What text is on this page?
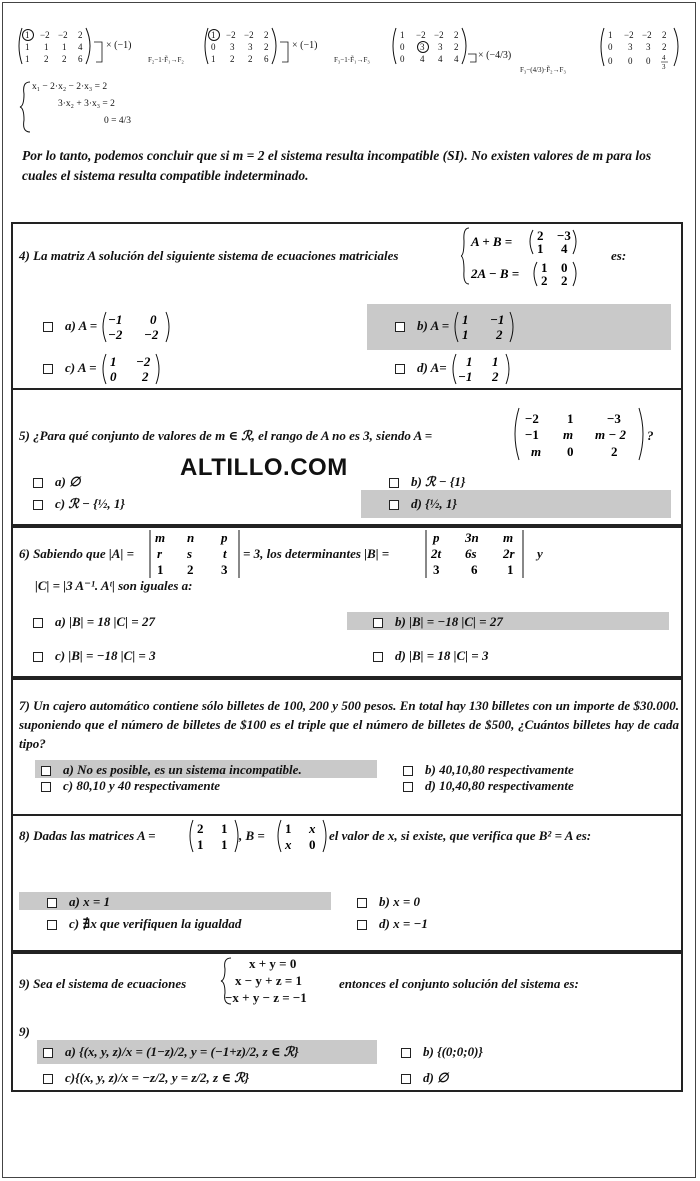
1 −2 −2 2
1 1 1 4
1 2 2 6
× (−1)
F₂−1·F̃₁→F₂
1 −2 −2 2
0 3 3 2
1 2 2 6
× (−1)
F₃−1·F̃₁→F₃
1 −2 −2 2
0 3 3 2
0 4 4 4 × (−4/3)
F₃−(4/3)·F̃₂→F₃
1 −2 −2 2
0 3 3 2
0 0 0 4
3
x₁ − 2·x₂ − 2·x₃ = 2
3·x₂ + 3·x₃ = 2
0 = 4/3
Por lo tanto, podemos concluir que si m = 2 el sistema resulta incompatible (SI). No existen valores de m para los cuales el sistema resulta compatible indeterminado.
4) La matriz A solución del siguiente sistema de ecuaciones matriciales
A + B = 2 −3
1 4
2A − B = 1 0
2 2
es:
a) A = −1 0
−2 −2
b) A = 1 −1
1 2
c) A = 1 −2
0 2
d) A= 1 1
−1 2
5) ¿Para qué conjunto de valores de m ∈ ℛ, el rango de A no es 3, siendo A =
−2 1	−3
−1 m m − 2
m 0	2
?
a) ∅	b) ℛ − {1}
c) ℛ − {½, 1}	d) {½, 1}
ALTILLO.COM
6) Sabiendo que |A| =
m n p
r s t
1 2 3
= 3, los determinantes |B| =
p 3n m
2t 6s 2r
3 6 1
y
|C| = |3 A⁻¹. Aᵗ| son iguales a:
a) |B| = 18 |C| = 27	b) |B| = −18 |C| = 27
c) |B| = −18 |C| = 3	d) |B| = 18 |C| = 3
7) Un cajero automático contiene sólo billetes de 100, 200 y 500 pesos. En total hay 130 billetes con un importe de $30.000. suponiendo que el número de billetes de $100 es el triple que el número de billetes de $500, ¿Cuántos billetes hay de cada tipo?
a) No es posible, es un sistema incompatible.	b) 40,10,80 respectivamente
c) 80,10 y 40 respectivamente	d) 10,40,80 respectivamente
8) Dadas las matrices A =	2 1
1 1
, B = 1 x
x 0
el valor de x, si existe, que verifica que B² = A es:
a) x = 1	b) x = 0
c) ∄x que verifiquen la igualdad	d) x = −1
9) Sea el sistema de ecuaciones
x + y = 0
x − y + z = 1
−x + y − z = −1
entonces el conjunto solución del sistema es:
9)
a) {(x, y, z)/x = (1−z)/2, y = (−1+z)/2, z ∈ ℛ}	b) {(0;0;0)}
c){(x, y, z)/x = −z/2, y = z/2, z ∈ ℛ}	d) ∅
